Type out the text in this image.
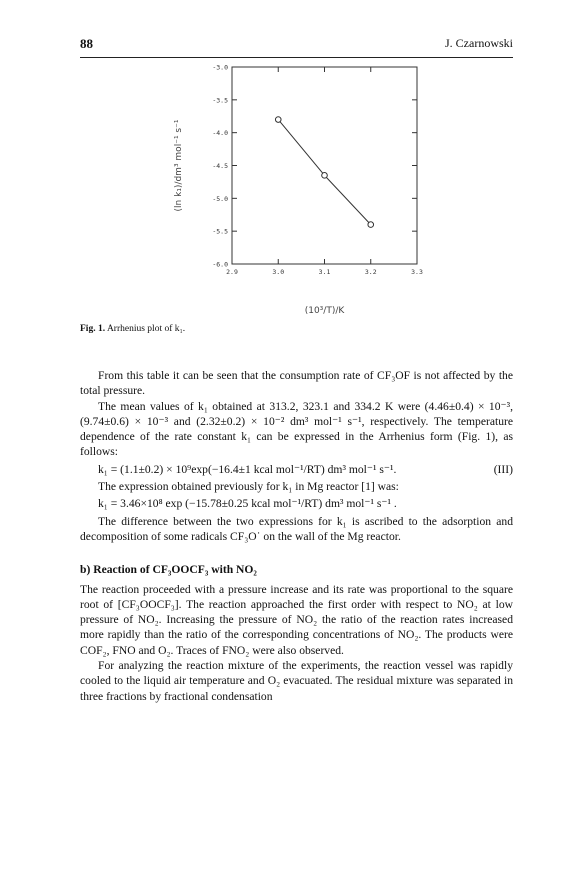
88	J. Czarnowski
-3.0
-3.5
-4.0
-4.5
-5.0
-5.5
-6.0
2.9	3.0	3.1	3.2	3.3
(10³/T)/K
(ln k₁)/dm³ mol⁻¹ s⁻¹
Fig. 1. Arrhenius plot of k₁.

From this table it can be seen that the consumption rate of CF₃OF is not affected by the total pressure.

The mean values of k₁ obtained at 313.2, 323.1 and 334.2 K were (4.46±0.4) × 10⁻³, (9.74±0.6) × 10⁻³ and (2.32±0.2) × 10⁻² dm³ mol⁻¹ s⁻¹, respectively. The temperature dependence of the rate constant k₁ can be expressed in the Arrhenius form (Fig. 1), as follows:

k₁ = (1.1±0.2) × 10⁹exp(−16.4±1 kcal mol⁻¹/RT) dm³ mol⁻¹ s⁻¹.	(III)

The expression obtained previously for k₁ in Mg reactor [1] was:

k₁ = 3.46×10⁸ exp (−15.78±0.25 kcal mol⁻¹/RT) dm³ mol⁻¹ s⁻¹ .

The difference between the two expressions for k₁ is ascribed to the adsorption and decomposition of some radicals CF₃O˙ on the wall of the Mg reactor.

b) Reaction of CF₃OOCF₃ with NO₂

The reaction proceeded with a pressure increase and its rate was proportional to the square root of [CF₃OOCF₃]. The reaction approached the first order with respect to NO₂ at low pressure of NO₂. Increasing the pressure of NO₂ the ratio of the reaction rates increased more rapidly than the ratio of the corresponding concentrations of NO₂. The products were COF₂, FNO and O₂. Traces of FNO₂ were also observed.

For analyzing the reaction mixture of the experiments, the reaction vessel was rapidly cooled to the liquid air temperature and O₂ evacuated. The residual mixture was separated in three fractions by fractional condensation
